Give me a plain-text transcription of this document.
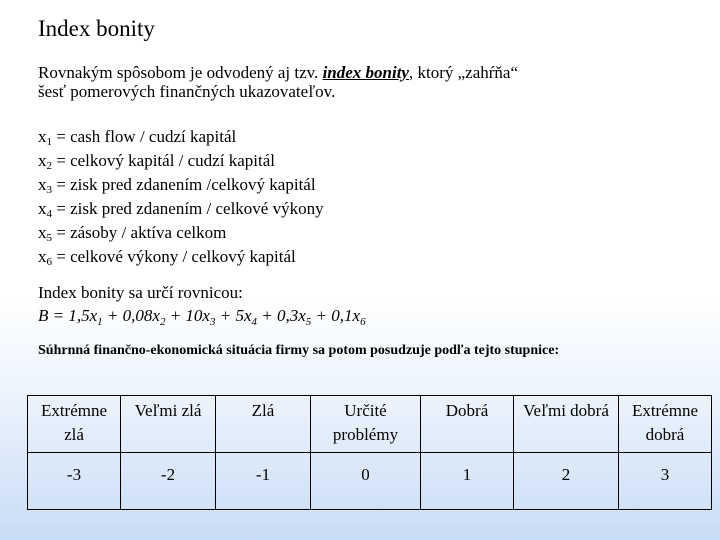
Index bonity
Rovnakým spôsobom je odvodený aj tzv. index bonity, ktorý „zahŕňa“
šesť pomerových finančných ukazovateľov.
$x_1$ = cash flow / cudzí kapitál
$x_2$ = celkový kapitál / cudzí kapitál
$x_3$ = zisk pred zdanením /celkový kapitál
$x_4$ = zisk pred zdanením / celkové výkony
$x_5$ = zásoby / aktíva celkom
$x_6$ = celkové výkony / celkový kapitál
Index bonity sa určí rovnicou:
$B = 1,5x_1 + 0,08x_2 + 10x_3 + 5x_4 + 0,3x_5 + 0,1x_6$
Súhrnná finančno-ekonomická situácia firmy sa potom posudzuje podľa tejto stupnice:
Extrémne zlá	Veľmi zlá	Zlá	Určité problémy	Dobrá	Veľmi dobrá	Extrémne dobrá
-3	-2	-1	0	1	2	3
